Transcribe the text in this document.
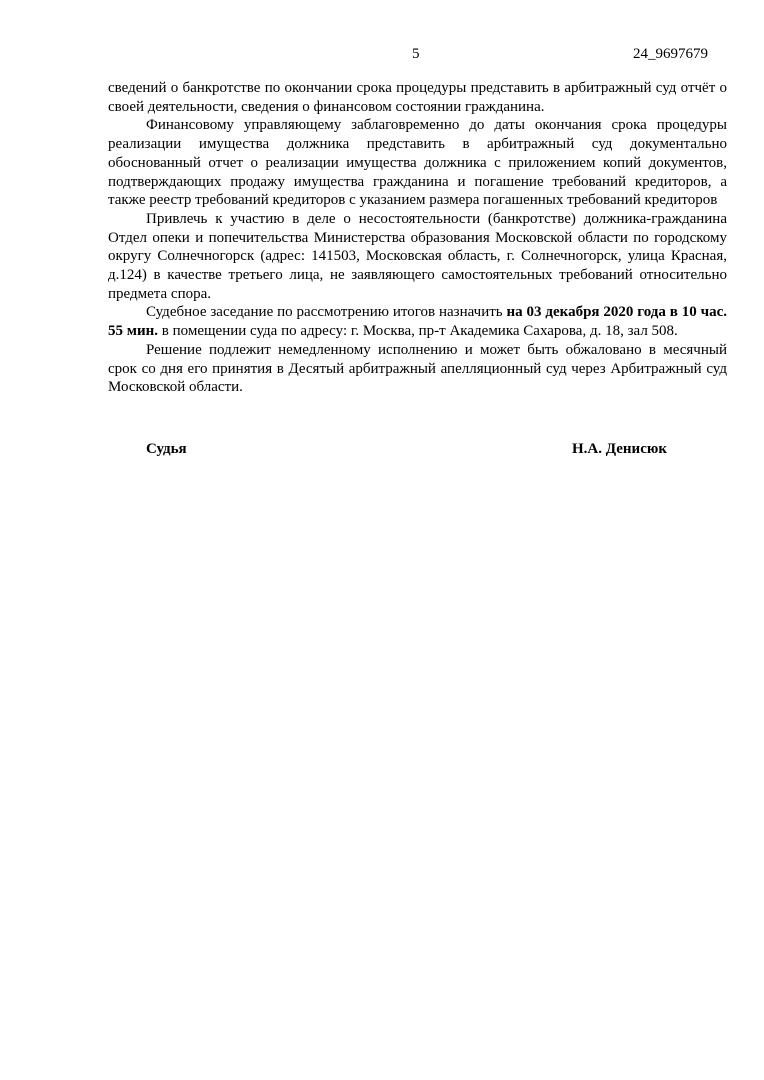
5	24_9697679

сведений о банкротстве по окончании срока процедуры представить в арбитражный суд отчёт о своей деятельности, сведения о финансовом состоянии гражданина.

Финансовому управляющему заблаговременно до даты окончания срока процедуры реализации имущества должника представить в арбитражный суд документально обоснованный отчет о реализации имущества должника с приложением копий документов, подтверждающих продажу имущества гражданина и погашение требований кредиторов, а также реестр требований кредиторов с указанием размера погашенных требований кредиторов

Привлечь к участию в деле о несостоятельности (банкротстве) должника-гражданина Отдел опеки и попечительства Министерства образования Московской области по городскому округу Солнечногорск (адрес: 141503, Московская область, г. Солнечногорск, улица Красная, д.124) в качестве третьего лица, не заявляющего самостоятельных требований относительно предмета спора.

Судебное заседание по рассмотрению итогов назначить на 03 декабря 2020 года в 10 час. 55 мин. в помещении суда по адресу: г. Москва, пр-т Академика Сахарова, д. 18, зал 508.

Решение подлежит немедленному исполнению и может быть обжаловано в месячный срок со дня его принятия в Десятый арбитражный апелляционный суд через Арбитражный суд Московской области.

Судья	Н.А. Денисюк
